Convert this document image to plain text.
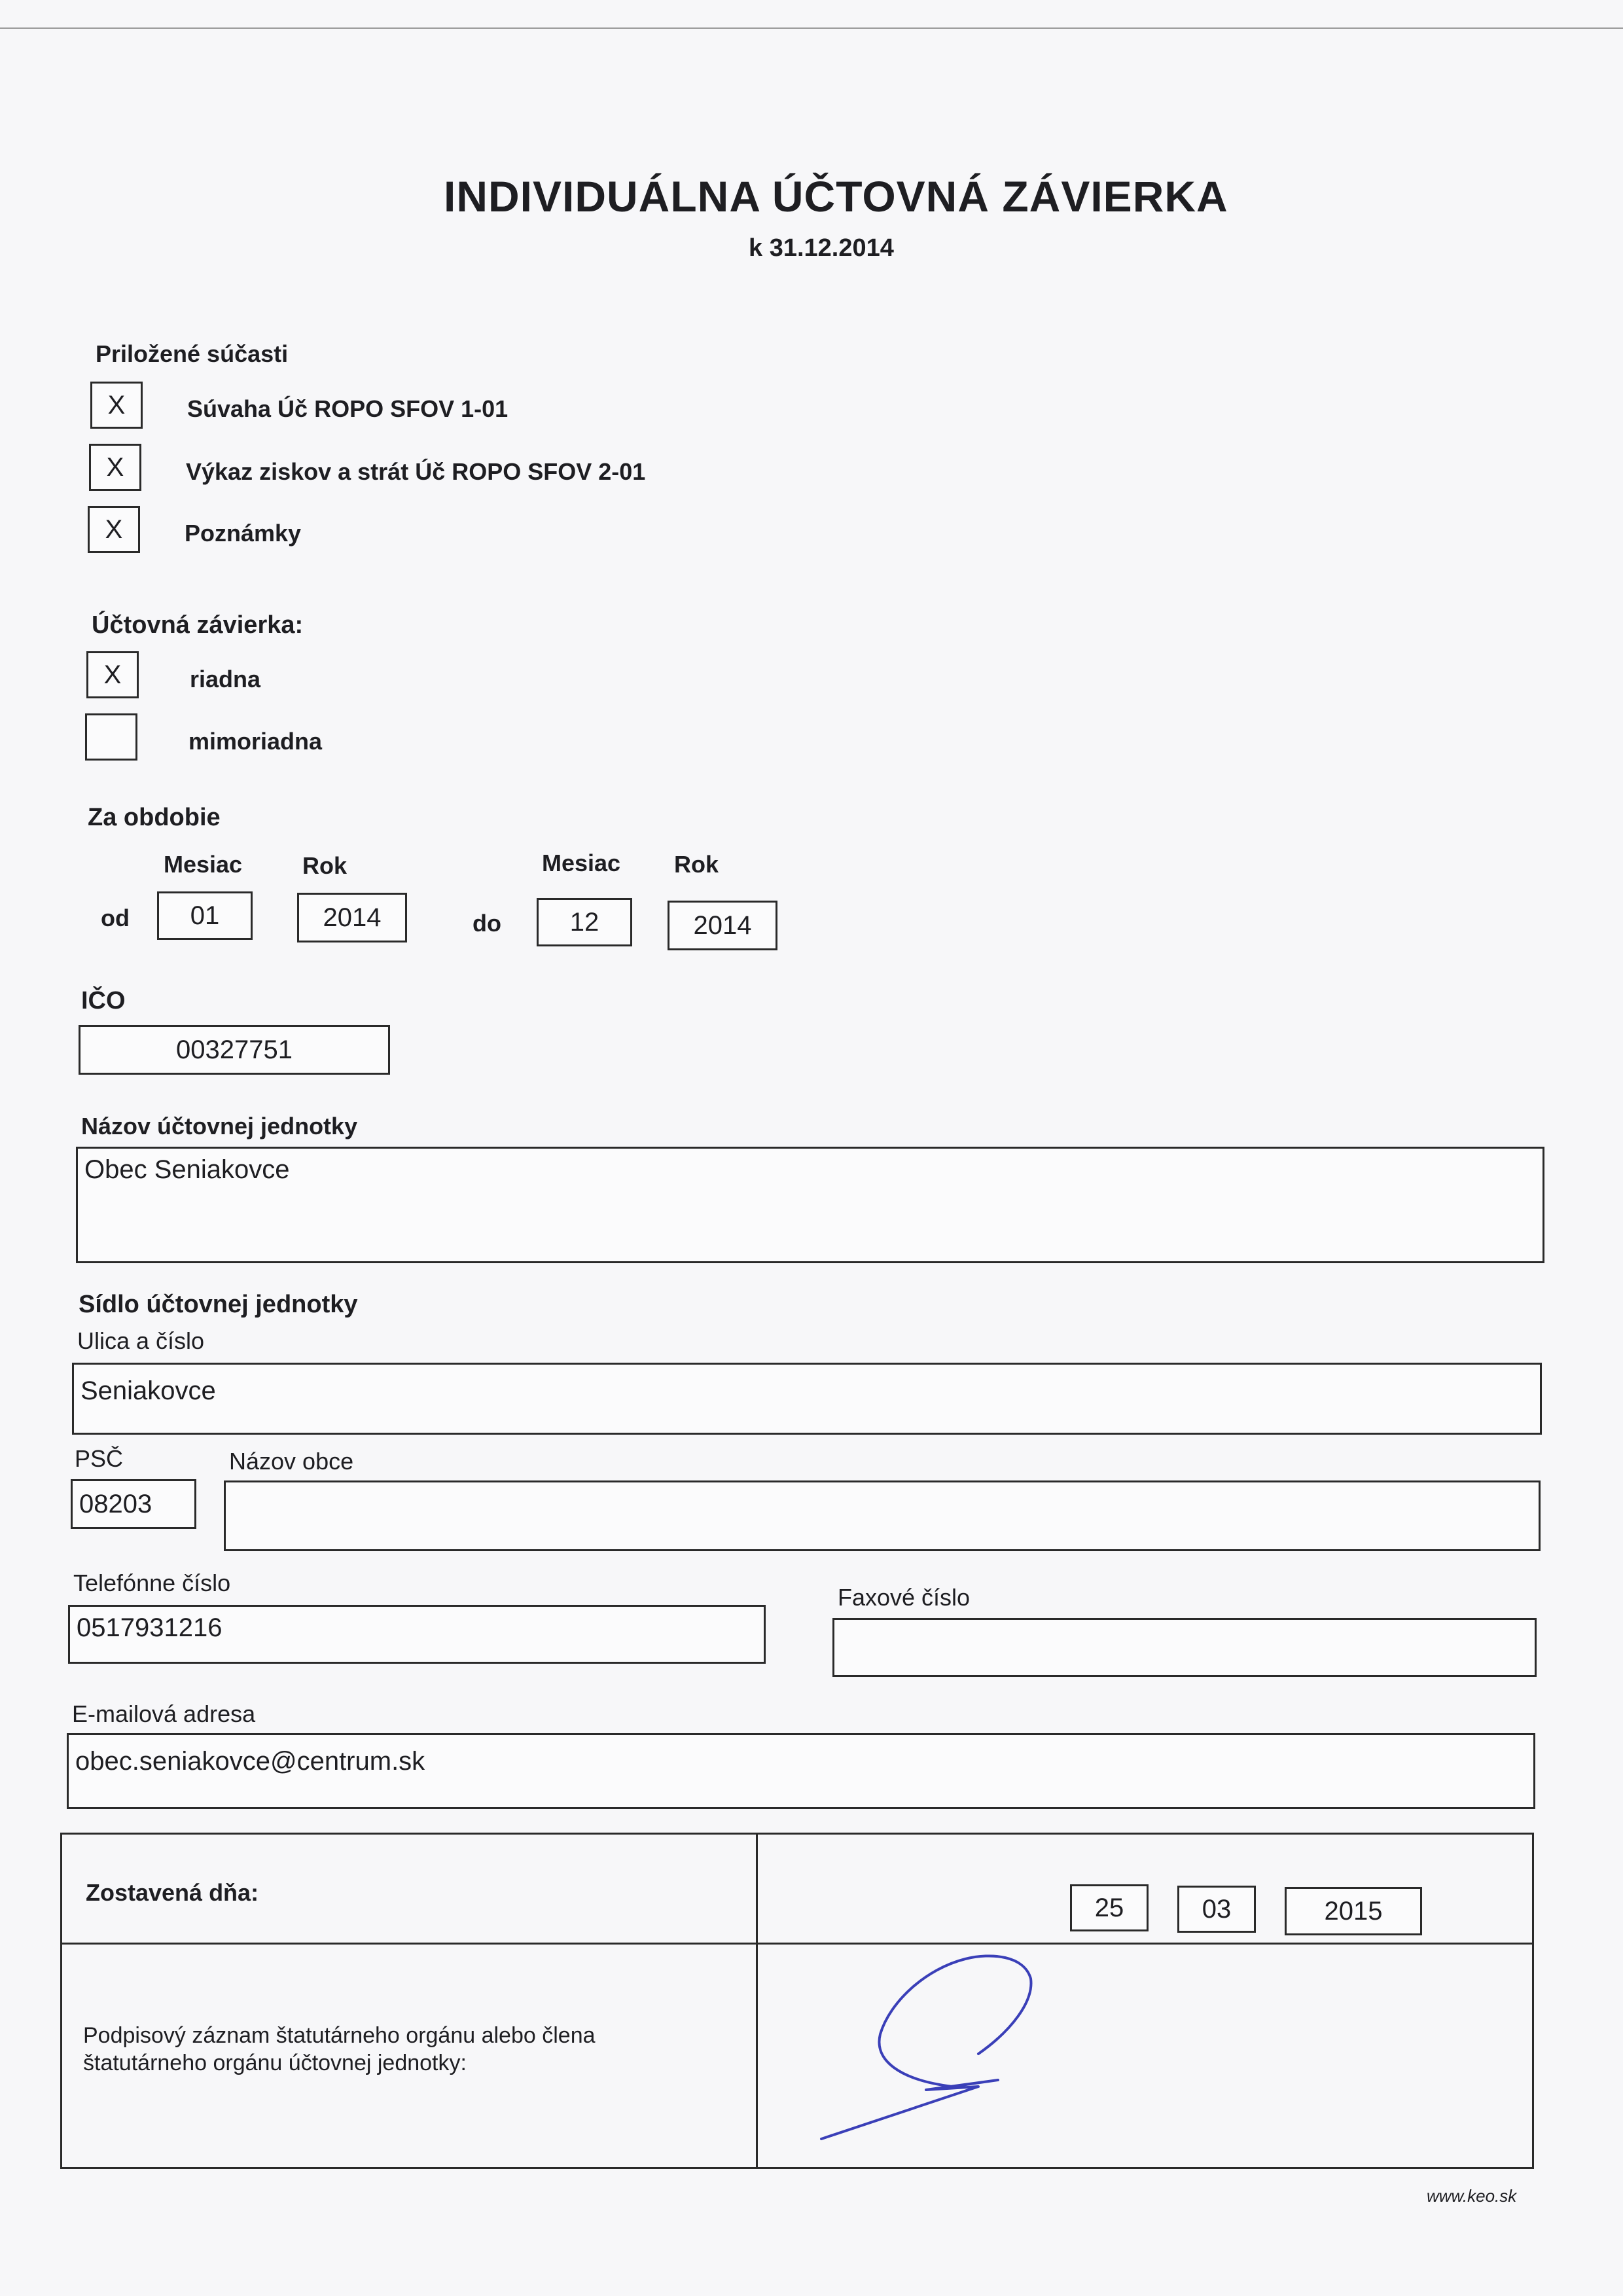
INDIVIDUÁLNA ÚČTOVNÁ ZÁVIERKA
k 31.12.2014
Priložené súčasti
X	Súvaha Úč ROPO SFOV 1-01
X	Výkaz ziskov a strát Úč ROPO SFOV 2-01
X	Poznámky
Účtovná závierka:
X	riadna
mimoriadna
Za obdobie
Mesiac	Rok	Mesiac Rok
od	01	2014	do	12	2014
IČO
00327751
Názov účtovnej jednotky
Obec Seniakovce
Sídlo účtovnej jednotky
Ulica a číslo
Seniakovce
PSČ
08203
Názov obce
Telefónne číslo
0517931216
Faxové číslo
E-mailová adresa
obec.seniakovce@centrum.sk
Zostavená dňa:
25	03	2015
Podpisový záznam štatutárneho orgánu alebo člena
štatutárneho orgánu účtovnej jednotky:
www.keo.sk
